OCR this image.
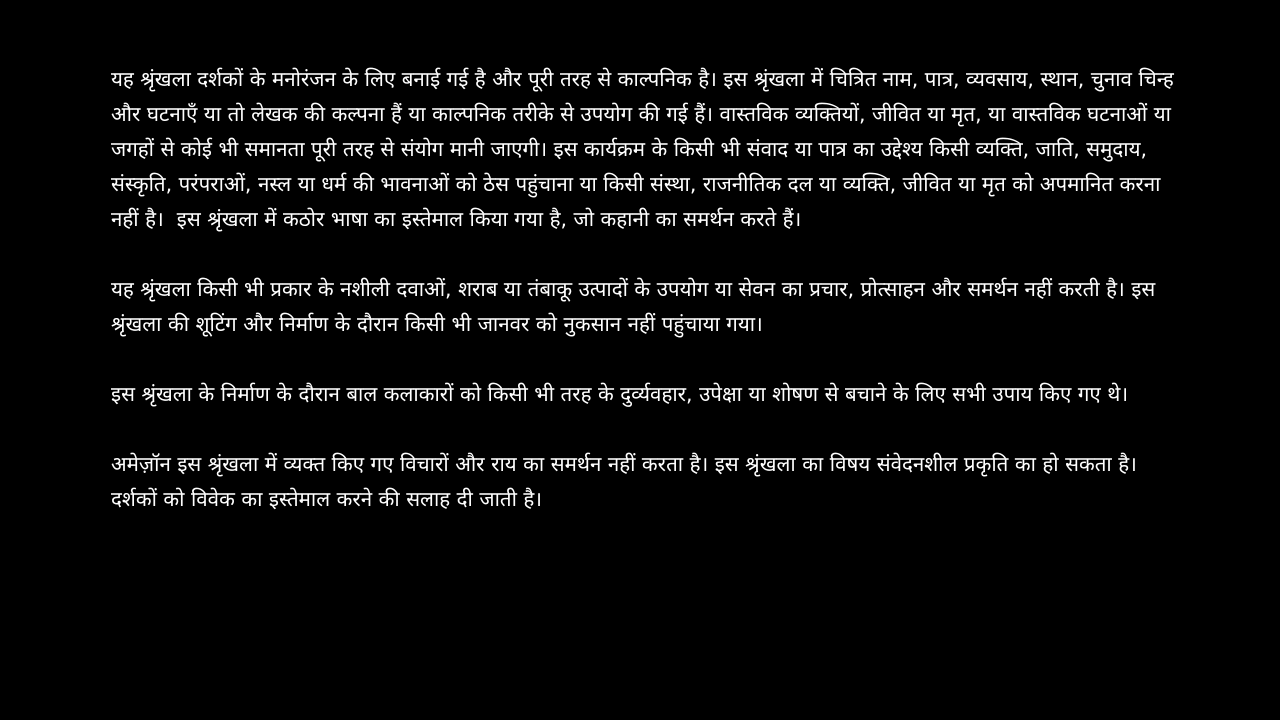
यह श्रृंखला दर्शकों के मनोरंजन के लिए बनाई गई है और पूरी तरह से काल्पनिक है। इस श्रृंखला में चित्रित नाम, पात्र, व्यवसाय, स्थान, चुनाव चिन्ह और घटनाएँ या तो लेखक की कल्पना हैं या काल्पनिक तरीके से उपयोग की गई हैं। वास्तविक व्यक्तियों, जीवित या मृत, या वास्तविक घटनाओं या जगहों से कोई भी समानता पूरी तरह से संयोग मानी जाएगी। इस कार्यक्रम के किसी भी संवाद या पात्र का उद्देश्य किसी व्यक्ति, जाति, समुदाय, संस्कृति, परंपराओं, नस्ल या धर्म की भावनाओं को ठेस पहुंचाना या किसी संस्था, राजनीतिक दल या व्यक्ति, जीवित या मृत को अपमानित करना नहीं है।  इस श्रृंखला में कठोर भाषा का इस्तेमाल किया गया है, जो कहानी का समर्थन करते हैं।

यह श्रृंखला किसी भी प्रकार के नशीली दवाओं, शराब या तंबाकू उत्पादों के उपयोग या सेवन का प्रचार, प्रोत्साहन और समर्थन नहीं करती है। इस श्रृंखला की शूटिंग और निर्माण के दौरान किसी भी जानवर को नुकसान नहीं पहुंचाया गया।

इस श्रृंखला के निर्माण के दौरान बाल कलाकारों को किसी भी तरह के दुर्व्यवहार, उपेक्षा या शोषण से बचाने के लिए सभी उपाय किए गए थे।

अमेज़ॉन इस श्रृंखला में व्यक्त किए गए विचारों और राय का समर्थन नहीं करता है। इस श्रृंखला का विषय संवेदनशील प्रकृति का हो सकता है। दर्शकों को विवेक का इस्तेमाल करने की सलाह दी जाती है।
